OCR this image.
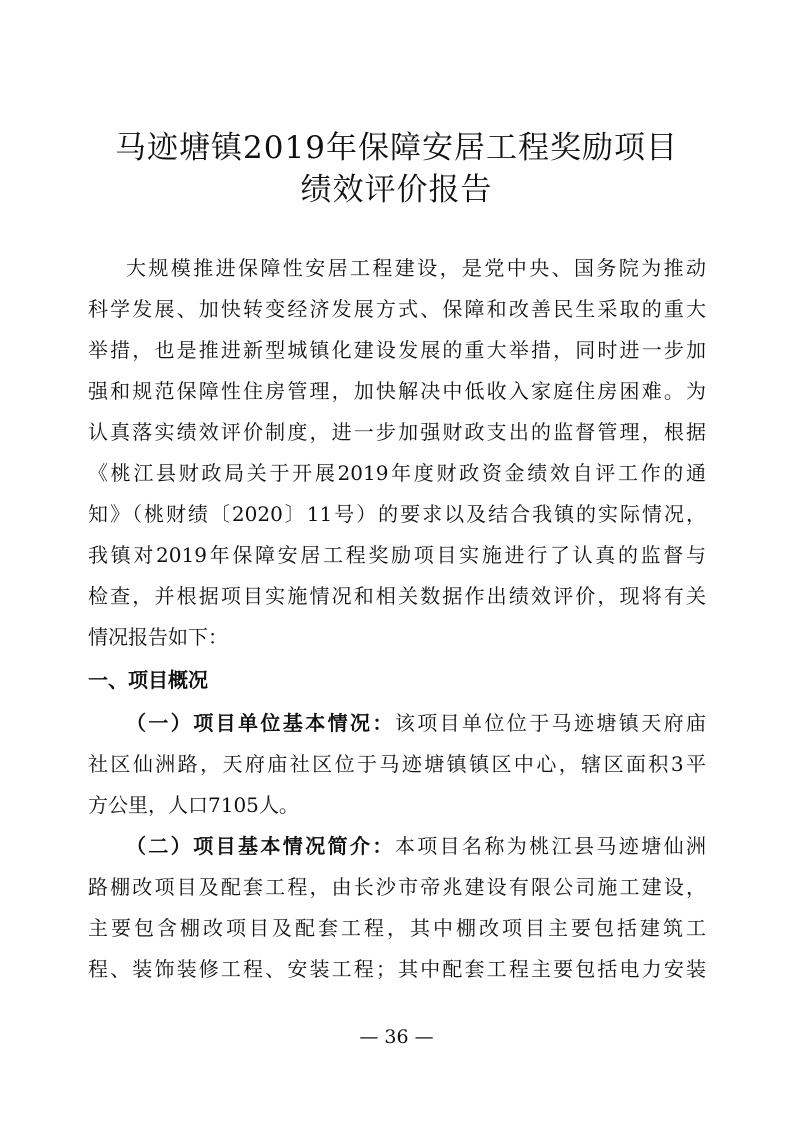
马迹塘镇2019年保障安居工程奖励项目
绩效评价报告
大规模推进保障性安居工程建设，是党中央、国务院为推动
科学发展、加快转变经济发展方式、保障和改善民生采取的重大
举措，也是推进新型城镇化建设发展的重大举措，同时进一步加
强和规范保障性住房管理，加快解决中低收入家庭住房困难。为
认真落实绩效评价制度，进一步加强财政支出的监督管理，根据
《桃江县财政局关于开展2019年度财政资金绩效自评工作的通
知》（桃财绩〔2020〕11号）的要求以及结合我镇的实际情况，
我镇对2019年保障安居工程奖励项目实施进行了认真的监督与
检查，并根据项目实施情况和相关数据作出绩效评价，现将有关
情况报告如下：
一、项目概况
（一）项目单位基本情况：该项目单位位于马迹塘镇天府庙
社区仙洲路，天府庙社区位于马迹塘镇镇区中心，辖区面积3平
方公里，人口7105人。
（二）项目基本情况简介：本项目名称为桃江县马迹塘仙洲
路棚改项目及配套工程，由长沙市帝兆建设有限公司施工建设，
主要包含棚改项目及配套工程，其中棚改项目主要包括建筑工
程、装饰装修工程、安装工程；其中配套工程主要包括电力安装
— 36 —
